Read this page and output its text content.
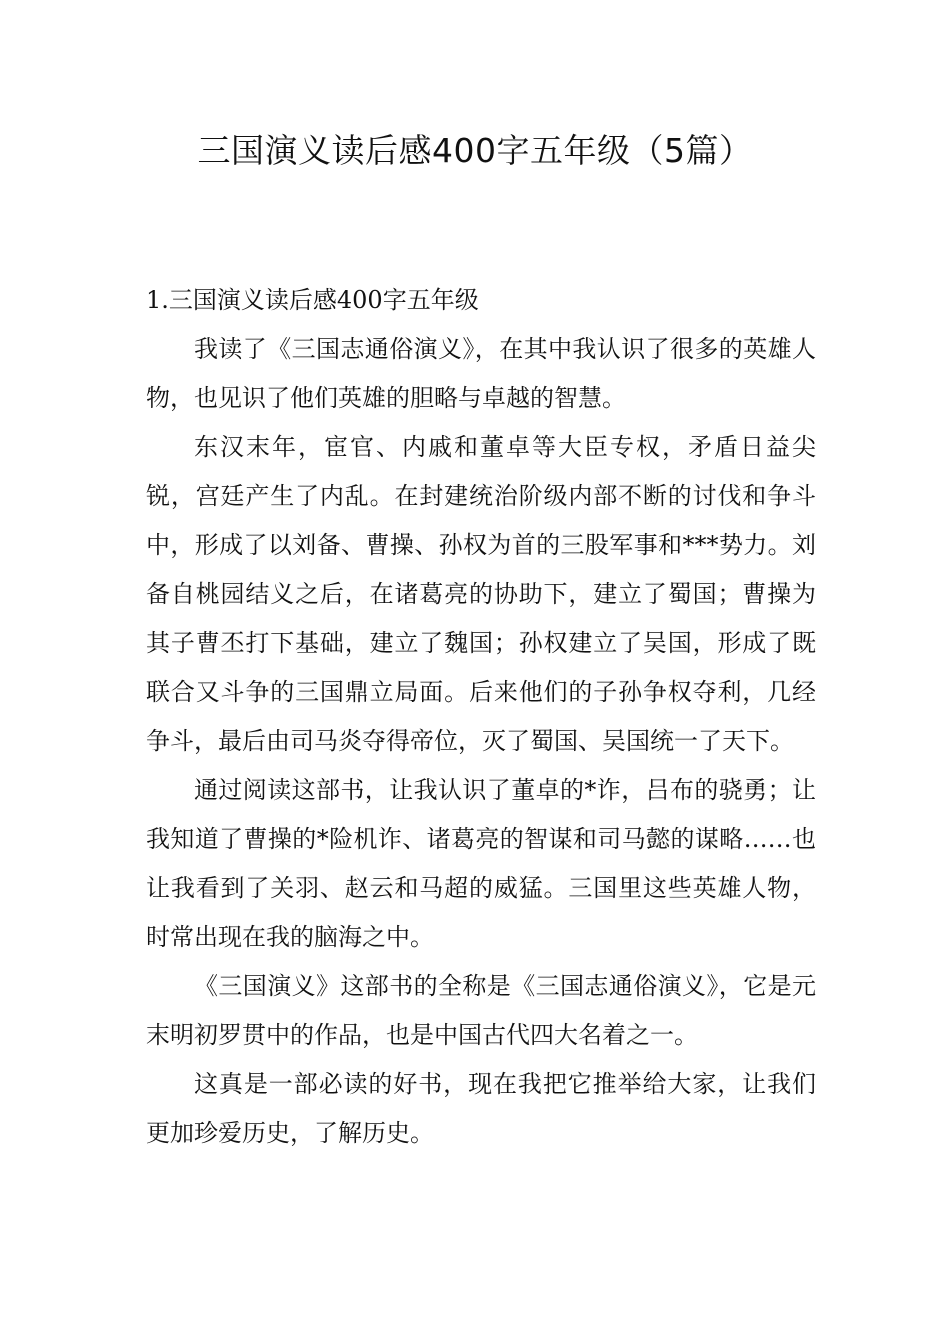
三国演义读后感400字五年级（5篇）
1.三国演义读后感400字五年级

我读了《三国志通俗演义》，在其中我认识了很多的英雄人物，也见识了他们英雄的胆略与卓越的智慧。

东汉末年，宦官、内戚和董卓等大臣专权，矛盾日益尖锐，宫廷产生了内乱。在封建统治阶级内部不断的讨伐和争斗中，形成了以刘备、曹操、孙权为首的三股军事和***势力。刘备自桃园结义之后，在诸葛亮的协助下，建立了蜀国；曹操为其子曹丕打下基础，建立了魏国；孙权建立了吴国，形成了既联合又斗争的三国鼎立局面。后来他们的子孙争权夺利，几经争斗，最后由司马炎夺得帝位，灭了蜀国、吴国统一了天下。

通过阅读这部书，让我认识了董卓的*诈，吕布的骁勇；让我知道了曹操的*险机诈、诸葛亮的智谋和司马懿的谋略……也让我看到了关羽、赵云和马超的威猛。三国里这些英雄人物，时常出现在我的脑海之中。

《三国演义》这部书的全称是《三国志通俗演义》，它是元末明初罗贯中的作品，也是中国古代四大名着之一。

这真是一部必读的好书，现在我把它推举给大家，让我们更加珍爱历史，了解历史。
